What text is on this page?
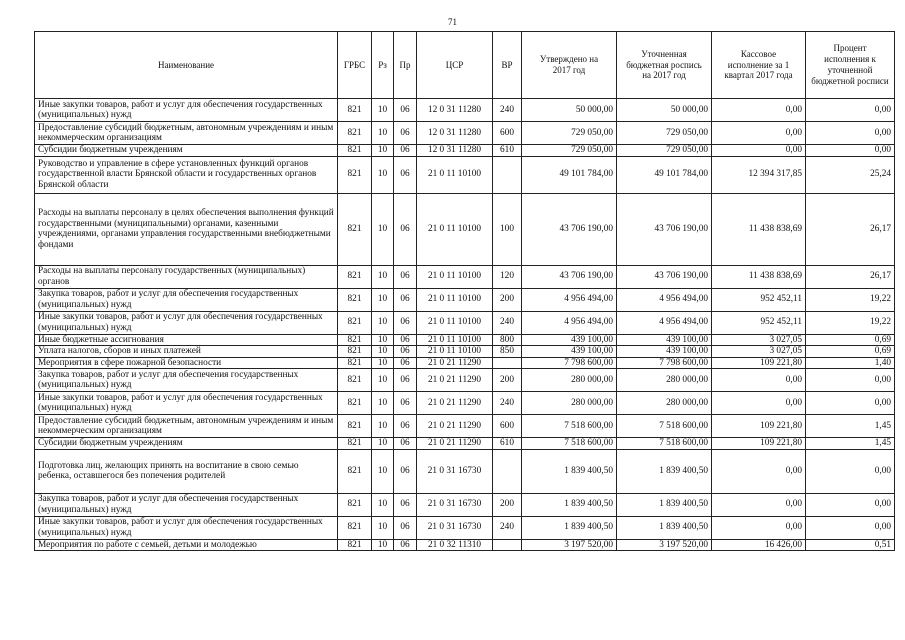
71
Наименование	ГРБС	Рз	Пр	ЦСР	ВР	Утверждено на 2017 год	Уточненная бюджетная роспись на 2017 год	Кассовое исполнение за 1 квартал 2017 года	Процент исполнения к уточненной бюджетной росписи
Иные закупки товаров, работ и услуг для обеспечения государственных (муниципальных) нужд	821	10	06	12 0 31 11280	240	50 000,00	50 000,00	0,00	0,00
Предоставление субсидий бюджетным, автономным учреждениям и иным некоммерческим организациям	821	10	06	12 0 31 11280	600	729 050,00	729 050,00	0,00	0,00
Субсидии бюджетным учреждениям	821	10	06	12 0 31 11280	610	729 050,00	729 050,00	0,00	0,00
Руководство и управление в сфере установленных функций органов государственной власти Брянской области и государственных органов Брянской области	821	10	06	21 0 11 10100		49 101 784,00	49 101 784,00	12 394 317,85	25,24
Расходы на выплаты персоналу в целях обеспечения выполнения функций государственными (муниципальными) органами, казенными учреждениями, органами управления государственными внебюджетными фондами	821	10	06	21 0 11 10100	100	43 706 190,00	43 706 190,00	11 438 838,69	26,17
Расходы на выплаты персоналу государственных (муниципальных) органов	821	10	06	21 0 11 10100	120	43 706 190,00	43 706 190,00	11 438 838,69	26,17
Закупка товаров, работ и услуг для обеспечения государственных (муниципальных) нужд	821	10	06	21 0 11 10100	200	4 956 494,00	4 956 494,00	952 452,11	19,22
Иные закупки товаров, работ и услуг для обеспечения государственных (муниципальных) нужд	821	10	06	21 0 11 10100	240	4 956 494,00	4 956 494,00	952 452,11	19,22
Иные бюджетные ассигнования	821	10	06	21 0 11 10100	800	439 100,00	439 100,00	3 027,05	0,69
Уплата налогов, сборов и иных платежей	821	10	06	21 0 11 10100	850	439 100,00	439 100,00	3 027,05	0,69
Мероприятия в сфере пожарной безопасности	821	10	06	21 0 21 11290		7 798 600,00	7 798 600,00	109 221,80	1,40
Закупка товаров, работ и услуг для обеспечения государственных (муниципальных) нужд	821	10	06	21 0 21 11290	200	280 000,00	280 000,00	0,00	0,00
Иные закупки товаров, работ и услуг для обеспечения государственных (муниципальных) нужд	821	10	06	21 0 21 11290	240	280 000,00	280 000,00	0,00	0,00
Предоставление субсидий бюджетным, автономным учреждениям и иным некоммерческим организациям	821	10	06	21 0 21 11290	600	7 518 600,00	7 518 600,00	109 221,80	1,45
Субсидии бюджетным учреждениям	821	10	06	21 0 21 11290	610	7 518 600,00	7 518 600,00	109 221,80	1,45
Подготовка лиц, желающих принять на воспитание в свою семью ребенка, оставшегося без попечения родителей	821	10	06	21 0 31 16730		1 839 400,50	1 839 400,50	0,00	0,00
Закупка товаров, работ и услуг для обеспечения государственных (муниципальных) нужд	821	10	06	21 0 31 16730	200	1 839 400,50	1 839 400,50	0,00	0,00
Иные закупки товаров, работ и услуг для обеспечения государственных (муниципальных) нужд	821	10	06	21 0 31 16730	240	1 839 400,50	1 839 400,50	0,00	0,00
Мероприятия по работе с семьей, детьми и молодежью	821	10	06	21 0 32 11310		3 197 520,00	3 197 520,00	16 426,00	0,51
